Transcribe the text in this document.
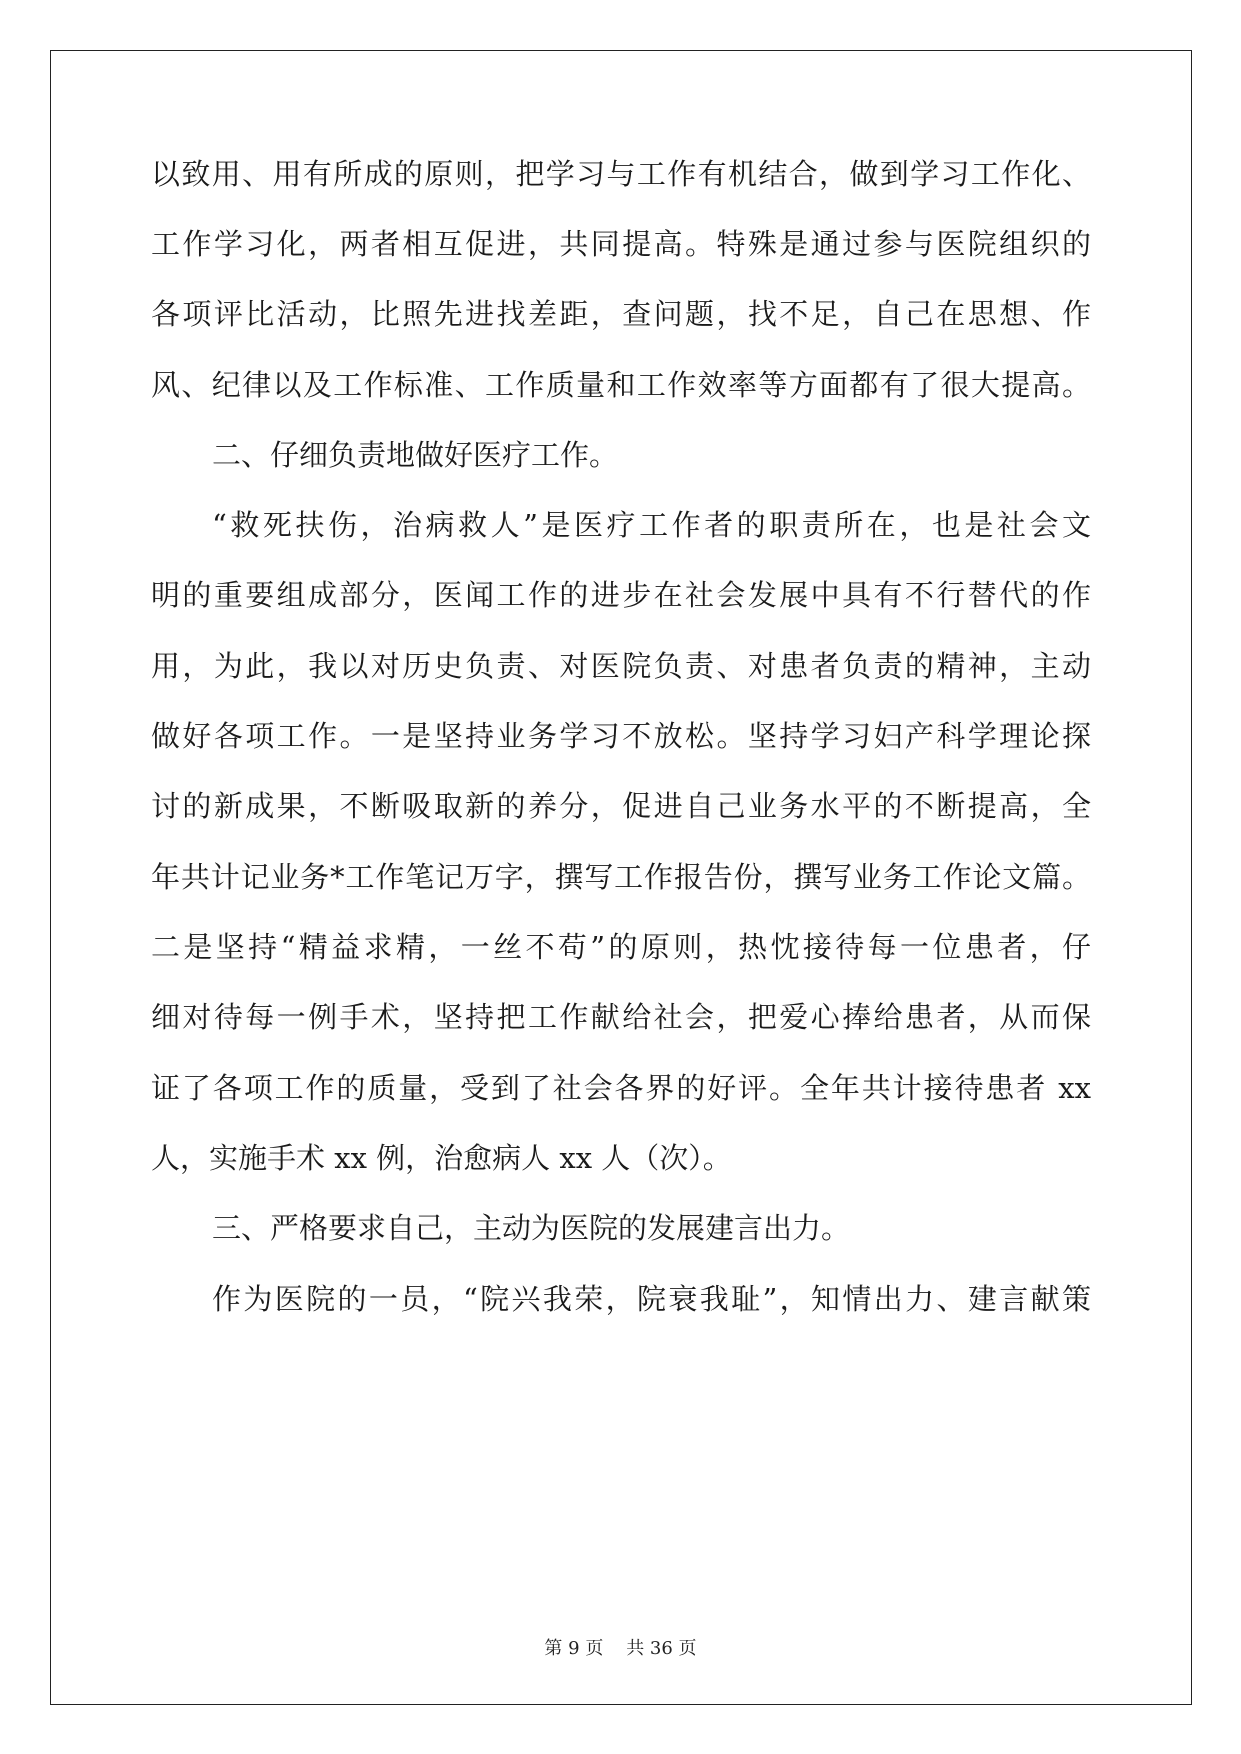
以致用、用有所成的原则，把学习与工作有机结合，做到学习工作化、
工作学习化，两者相互促进，共同提高。特殊是通过参与医院组织的
各项评比活动，比照先进找差距，查问题，找不足，自己在思想、作
风、纪律以及工作标准、工作质量和工作效率等方面都有了很大提高。
二、仔细负责地做好医疗工作。
“救死扶伤，治病救人”是医疗工作者的职责所在，也是社会文
明的重要组成部分，医闻工作的进步在社会发展中具有不行替代的作
用，为此，我以对历史负责、对医院负责、对患者负责的精神，主动
做好各项工作。一是坚持业务学习不放松。坚持学习妇产科学理论探
讨的新成果，不断吸取新的养分，促进自己业务水平的不断提高，全
年共计记业务*工作笔记万字，撰写工作报告份，撰写业务工作论文篇。
二是坚持“精益求精，一丝不苟”的原则，热忱接待每一位患者，仔
细对待每一例手术，坚持把工作献给社会，把爱心捧给患者，从而保
证了各项工作的质量，受到了社会各界的好评。全年共计接待患者 xx
人，实施手术 xx 例，治愈病人 xx 人（次）。
三、严格要求自己，主动为医院的发展建言出力。
作为医院的一员，“院兴我荣，院衰我耻”，知情出力、建言献策
第 9 页    共 36 页
